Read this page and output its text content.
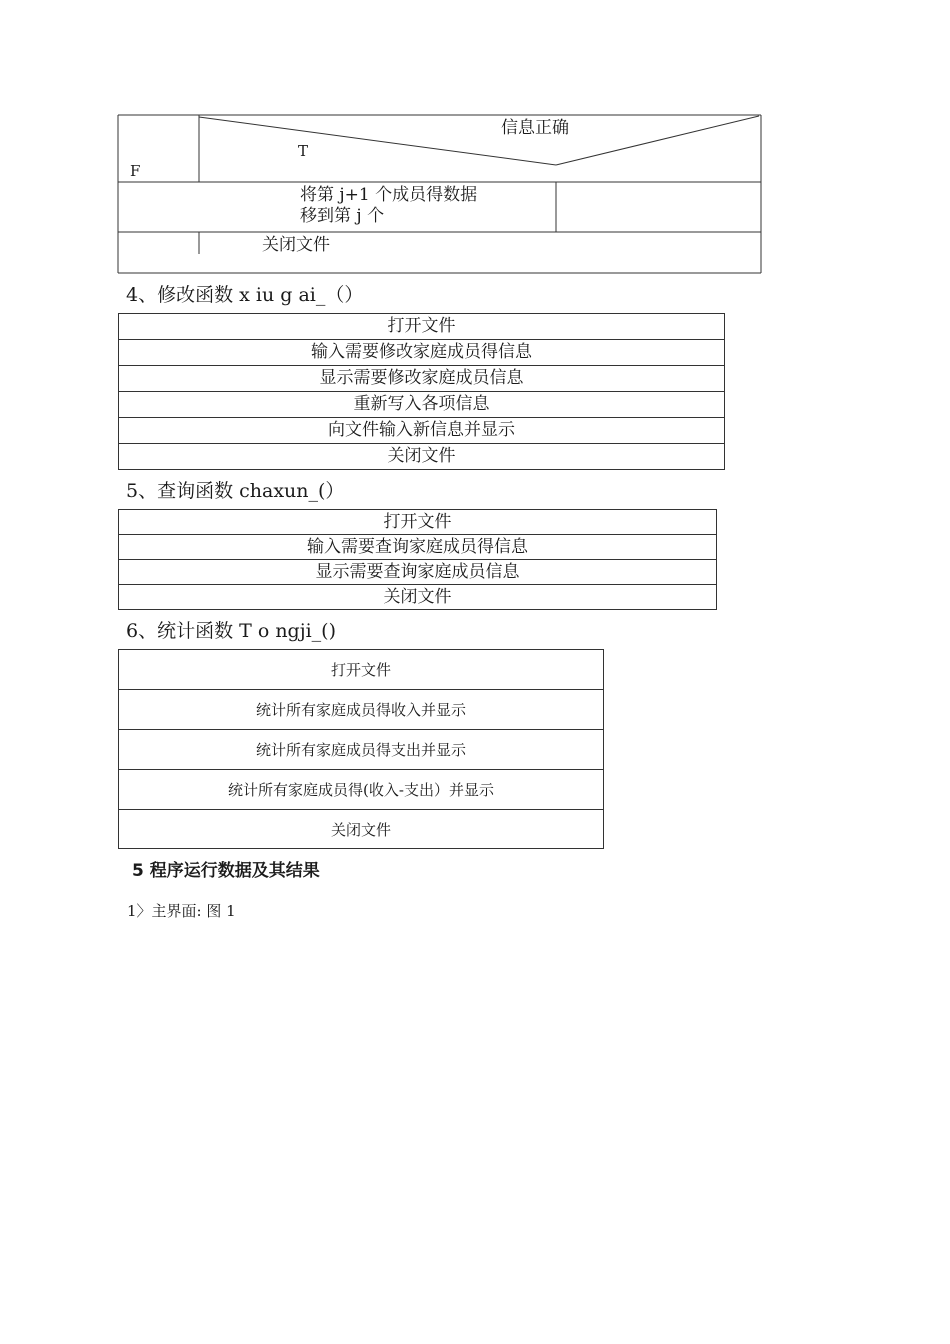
信息正确
T
F
将第 j+1 个成员得数据
移到第 j 个
关闭文件
4、修改函数 x iu g ai_（）
打开文件
输入需要修改家庭成员得信息
显示需要修改家庭成员信息
重新写入各项信息
向文件输入新信息并显示
关闭文件
5、查询函数 chaxun_(）
打开文件
输入需要查询家庭成员得信息
显示需要查询家庭成员信息
关闭文件
6、统计函数 T o ngji_()
打开文件
统计所有家庭成员得收入并显示
统计所有家庭成员得支出并显示
统计所有家庭成员得(收入-支出）并显示
关闭文件
5 程序运行数据及其结果
1〉主界面: 图 1
